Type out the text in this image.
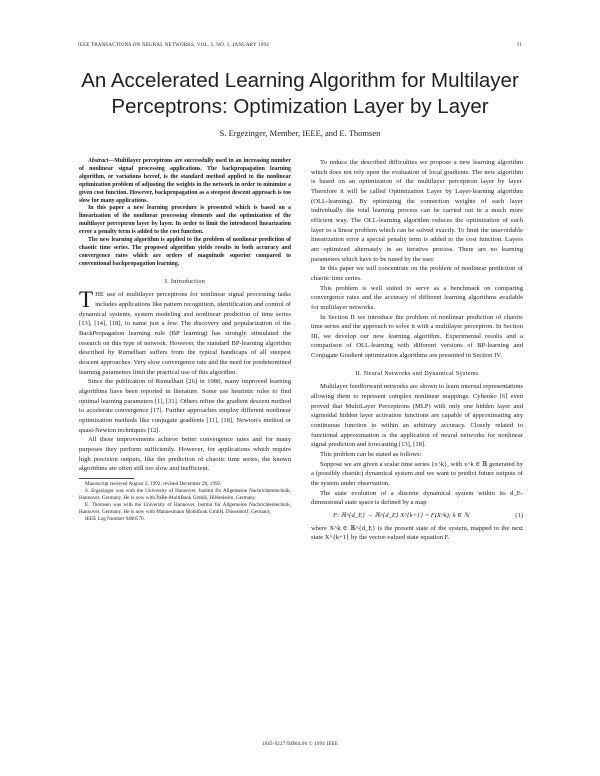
IEEE TRANSACTIONS ON NEURAL NETWORKS, VOL. 5, NO. 1, JANUARY 1994	31
An Accelerated Learning Algorithm for Multilayer
Perceptrons: Optimization Layer by Layer
S. Ergezinger, Member, IEEE, and E. Thomsen

Abstract—Multilayer perceptrons are successfully used in an increasing number of nonlinear signal processing applications. The backpropagation learning algorithm, or variations hereof, is the standard method applied to the nonlinear optimization problem of adjusting the weights in the network in order to minimize a given cost function. However, backpropagation as a steepest descent approach is too slow for many applications.

In this paper a new learning procedure is presented which is based on a linearization of the nonlinear processing elements and the optimization of the multilayer perceptron layer by layer. In order to limit the introduced linearization error a penalty term is added to the cost function.

The new learning algorithm is applied to the problem of nonlinear prediction of chaotic time series. The proposed algorithm yields results in both accuracy and convergence rates which are orders of magnitude superior compared to conventional backpropagation learning.

I. Introduction

THE use of multilayer perceptrons for nonlinear signal processing tasks includes applications like pattern recognition, identification and control of dynamical systems, system modeling and nonlinear prediction of time series [13], [14], [18], to name just a few. The discovery and popularization of the BackPropagation learning rule (BP learning) has strongly stimulated the research on this type of network. However, the standard BP-learning algorithm described by Rumelhart suffers from the typical handicaps of all steepest descent approaches: Very slow convergence rate and the need for predetermined learning parameters limit the practical use of this algorithm.

Since the publication of Rumelhart [26] in 1986, many improved learning algorithms have been reported in literature. Some use heuristic rules to find optimal learning parameters [1], [31]. Others refine the gradient descent method to accelerate convergence [17]. Further approaches employ different nonlinear optimization methods like conjugate gradients [11], [18], Newton's method or quasi-Newton techniques [12].

All these improvements achieve better convergence rates and for many purposes they perform sufficiently. However, for applications which require high precision outputs, like the prediction of chaotic time series, the known algorithms are often still too slow and inefficient.

Manuscript received August 2, 1992; revised December 29, 1992.

S. Ergezinger was with the University of Hannover, Institut für Allgemeine Nachrichtentechnik, Hannover, Germany. He is now with PaBe-MultiBank GmbH, Hildesheim, Germany.

E. Thomsen was with the University of Hannover, Institut für Allgemeine Nachrichtentechnik, Hannover, Germany. He is now with Mannesmann Mobilfunk GmbH, Düsseldorf, Germany.

IEEE Log Number 9400570.

To reduce the described difficulties we propose a new learning algorithm which does not rely upon the evaluation of local gradients. The new algorithm is based on an optimization of the multilayer perceptron layer by layer. Therefore it will be called Optimization Layer by Layer-learning algorithm (OLL-learning). By optimizing the connection weights of each layer individually the total learning process can be carried out in a much more efficient way. The OLL-learning algorithm reduces the optimization of each layer to a linear problem which can be solved exactly. To limit the unavoidable linearization error a special penalty term is added to the cost function. Layers are optimized alternately in an iterative process. There are no learning parameters which have to be tuned by the user.

In this paper we will concentrate on the problem of nonlinear prediction of chaotic time series.

This problem is well suited to serve as a benchmark on comparing convergence rates and the accuracy of different learning algorithms available for multilayer networks.

In Section II we introduce the problem of nonlinear prediction of chaotic time series and the approach to solve it with a multilayer perceptron. In Section III, we develop our new learning algorithm. Experimental results and a comparison of OLL-learning with different versions of BP-learning and Conjugate Gradient optimization algorithms are presented in Section IV.

II. Neural Networks and Dynamical Systems

Multilayer feedforward networks are shown to learn internal representations allowing them to represent complex nonlinear mappings. Cybenko [6] even proved that MultiLayer Perceptrons (MLP) with only one hidden layer and sigmoidal hidden layer activation functions are capable of approximating any continuous function to within an arbitrary accuracy. Closely related to functional approximation is the application of neural networks for nonlinear signal prediction and forecasting [13], [18].

This problem can be stated as follows:

Suppose we are given a scalar time series {x^k}, with x^k ∈ ℝ generated by a (possibly chaotic) dynamical system and we want to predict future outputs of the system under observation.

The state evolution of a discrete dynamical system within its d_E-dimensional state space is defined by a map

F: ℝ^{d_E} → ℝ^{d_E} X^{k+1} = F(X^k); k ∈ ℕ	(1)

where X^k ∈ ℝ^{d_E} is the present state of the system, mapped to the next state X^{k+1} by the vector-valued state equation F.

1045-9227/94$04.00 © 1994 IEEE
